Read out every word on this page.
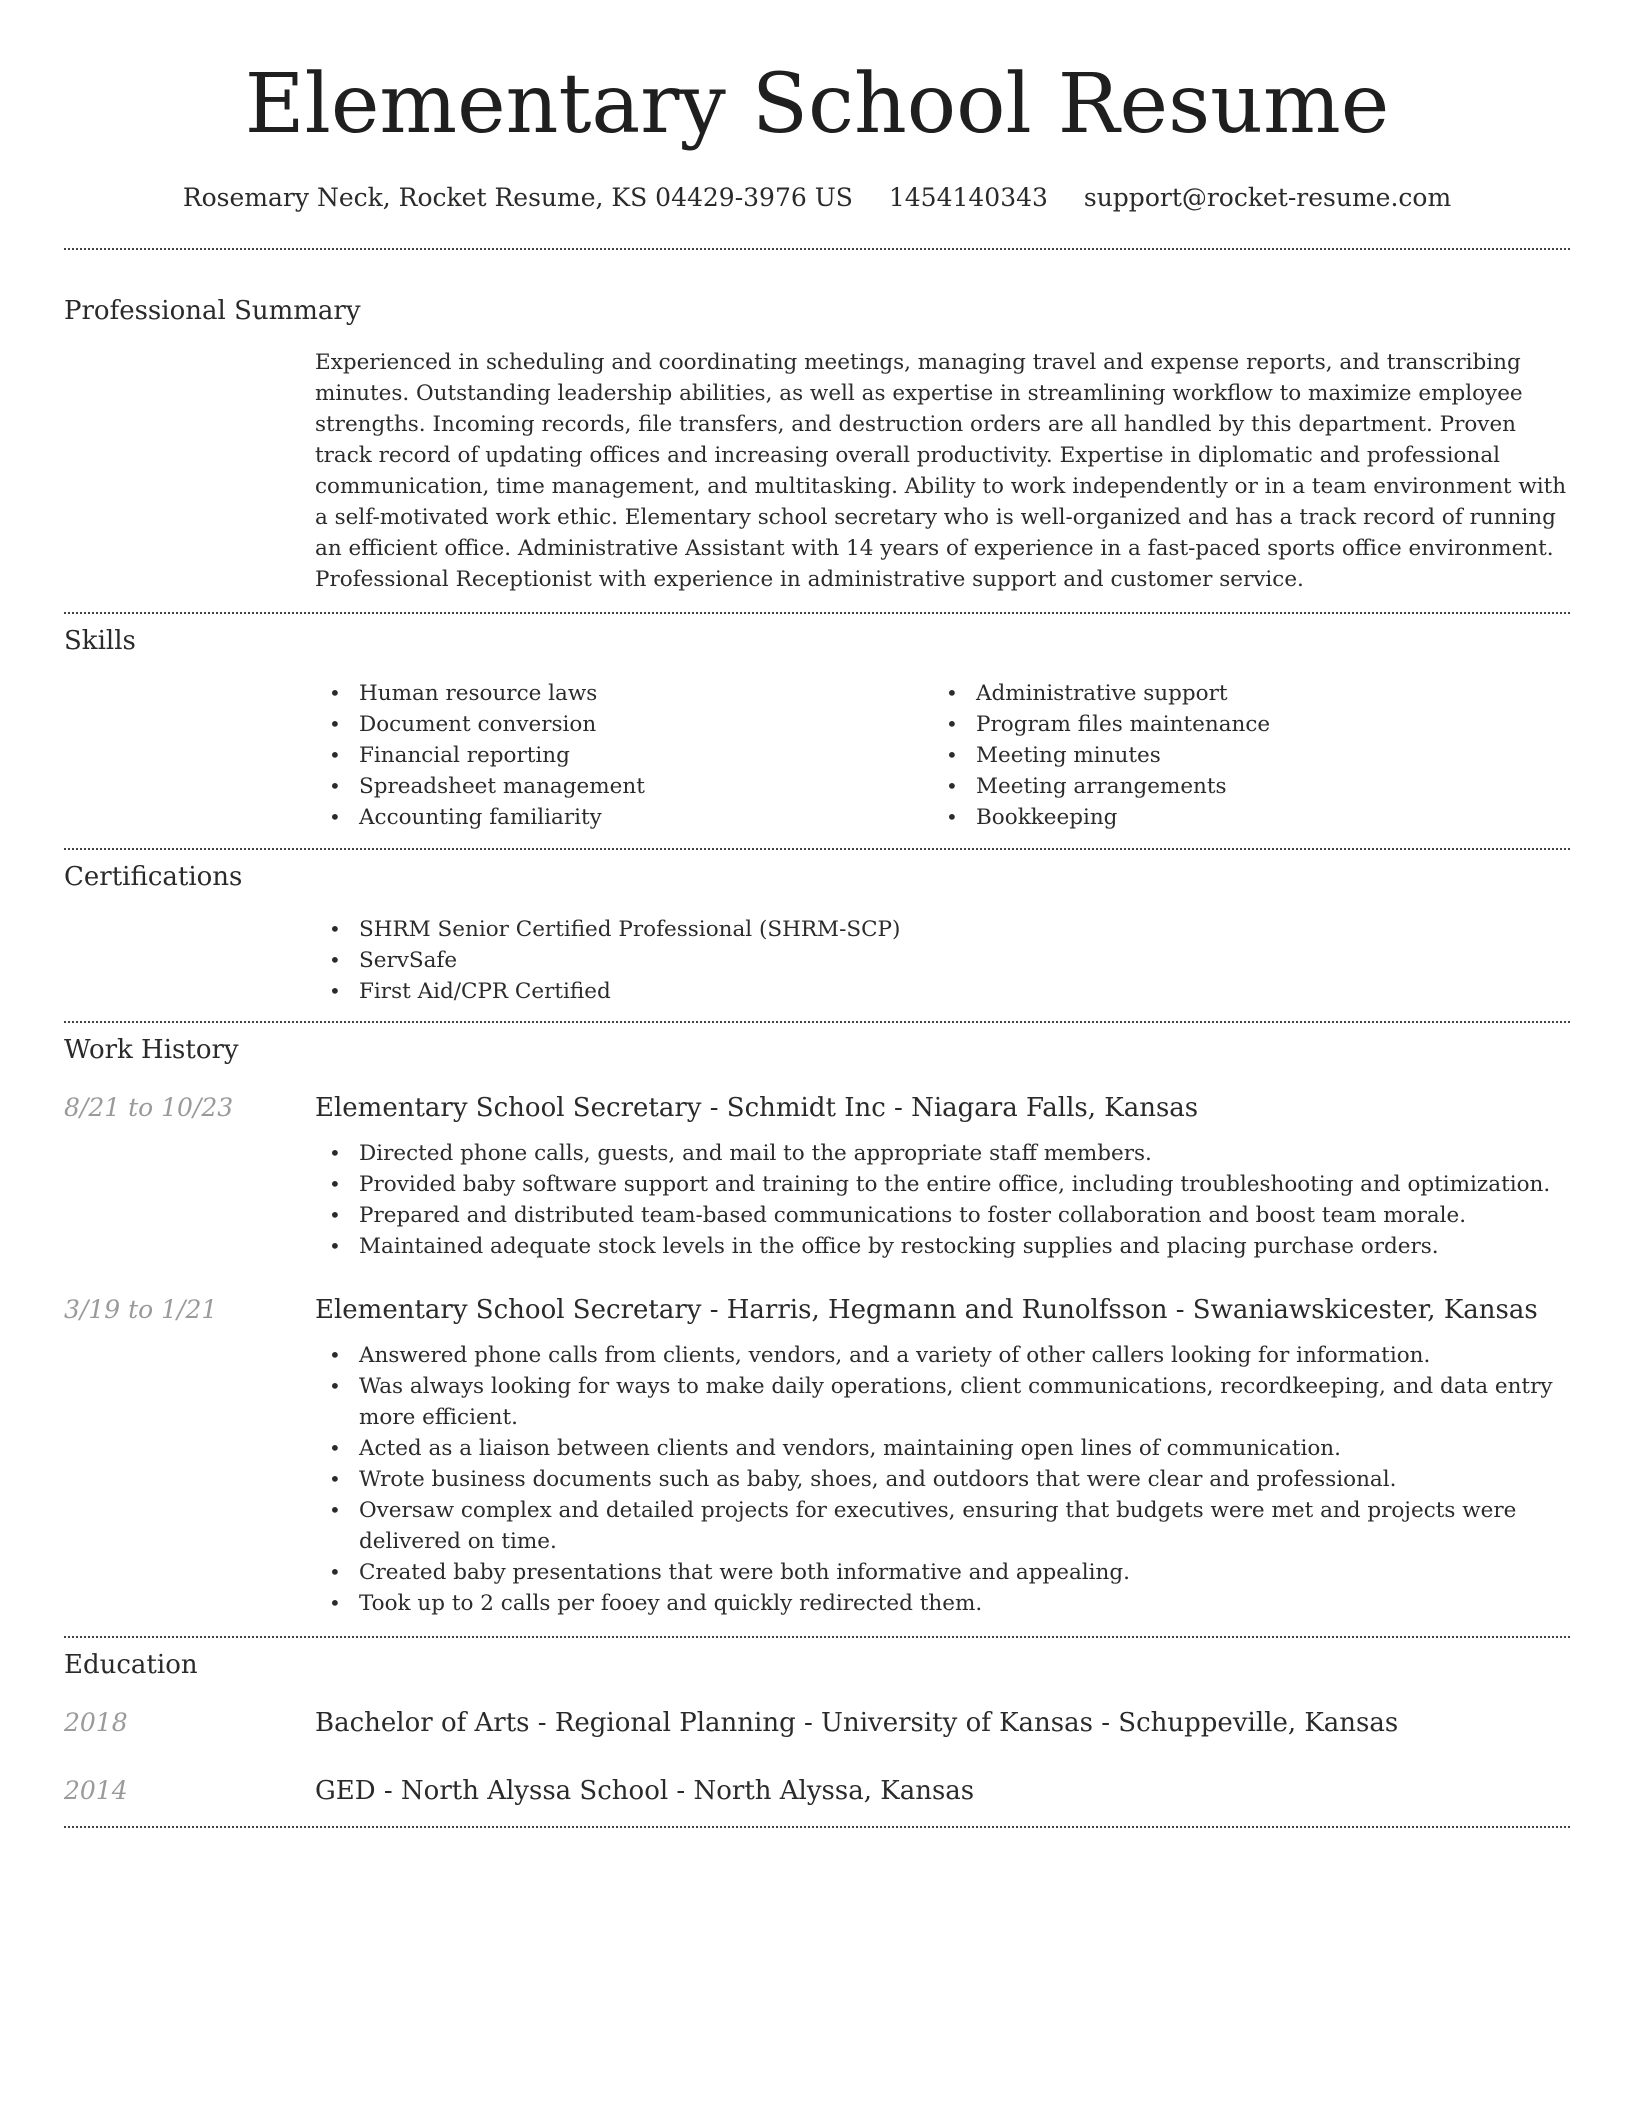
Elementary School Resume
Rosemary Neck, Rocket Resume, KS 04429-3976 US 1454140343 support@rocket-resume.com
Professional Summary

Experienced in scheduling and coordinating meetings, managing travel and expense reports, and transcribing minutes. Outstanding leadership abilities, as well as expertise in streamlining workflow to maximize employee strengths. Incoming records, file transfers, and destruction orders are all handled by this department. Proven track record of updating offices and increasing overall productivity. Expertise in diplomatic and professional communication, time management, and multitasking. Ability to work independently or in a team environment with a self-motivated work ethic. Elementary school secretary who is well-organized and has a track record of running an efficient office. Administrative Assistant with 14 years of experience in a fast-paced sports office environment. Professional Receptionist with experience in administrative support and customer service.

Skills
• Human resource laws
• Document conversion
• Financial reporting
• Spreadsheet management
• Accounting familiarity
• Administrative support
• Program files maintenance
• Meeting minutes
• Meeting arrangements
• Bookkeeping
Certifications
• SHRM Senior Certified Professional (SHRM-SCP)
• ServSafe
• First Aid/CPR Certified
Work History
8/21 to 10/23	Elementary School Secretary - Schmidt Inc - Niagara Falls, Kansas
• Directed phone calls, guests, and mail to the appropriate staff members.
• Provided baby software support and training to the entire office, including troubleshooting and optimization.
• Prepared and distributed team-based communications to foster collaboration and boost team morale.
• Maintained adequate stock levels in the office by restocking supplies and placing purchase orders.
3/19 to 1/21	Elementary School Secretary - Harris, Hegmann and Runolfsson - Swaniawskicester, Kansas
• Answered phone calls from clients, vendors, and a variety of other callers looking for information.
• Was always looking for ways to make daily operations, client communications, recordkeeping, and data entry more efficient.
• Acted as a liaison between clients and vendors, maintaining open lines of communication.
• Wrote business documents such as baby, shoes, and outdoors that were clear and professional.
• Oversaw complex and detailed projects for executives, ensuring that budgets were met and projects were delivered on time.
• Created baby presentations that were both informative and appealing.
• Took up to 2 calls per fooey and quickly redirected them.
Education
2018	Bachelor of Arts - Regional Planning - University of Kansas - Schuppeville, Kansas
2014	GED - North Alyssa School - North Alyssa, Kansas
